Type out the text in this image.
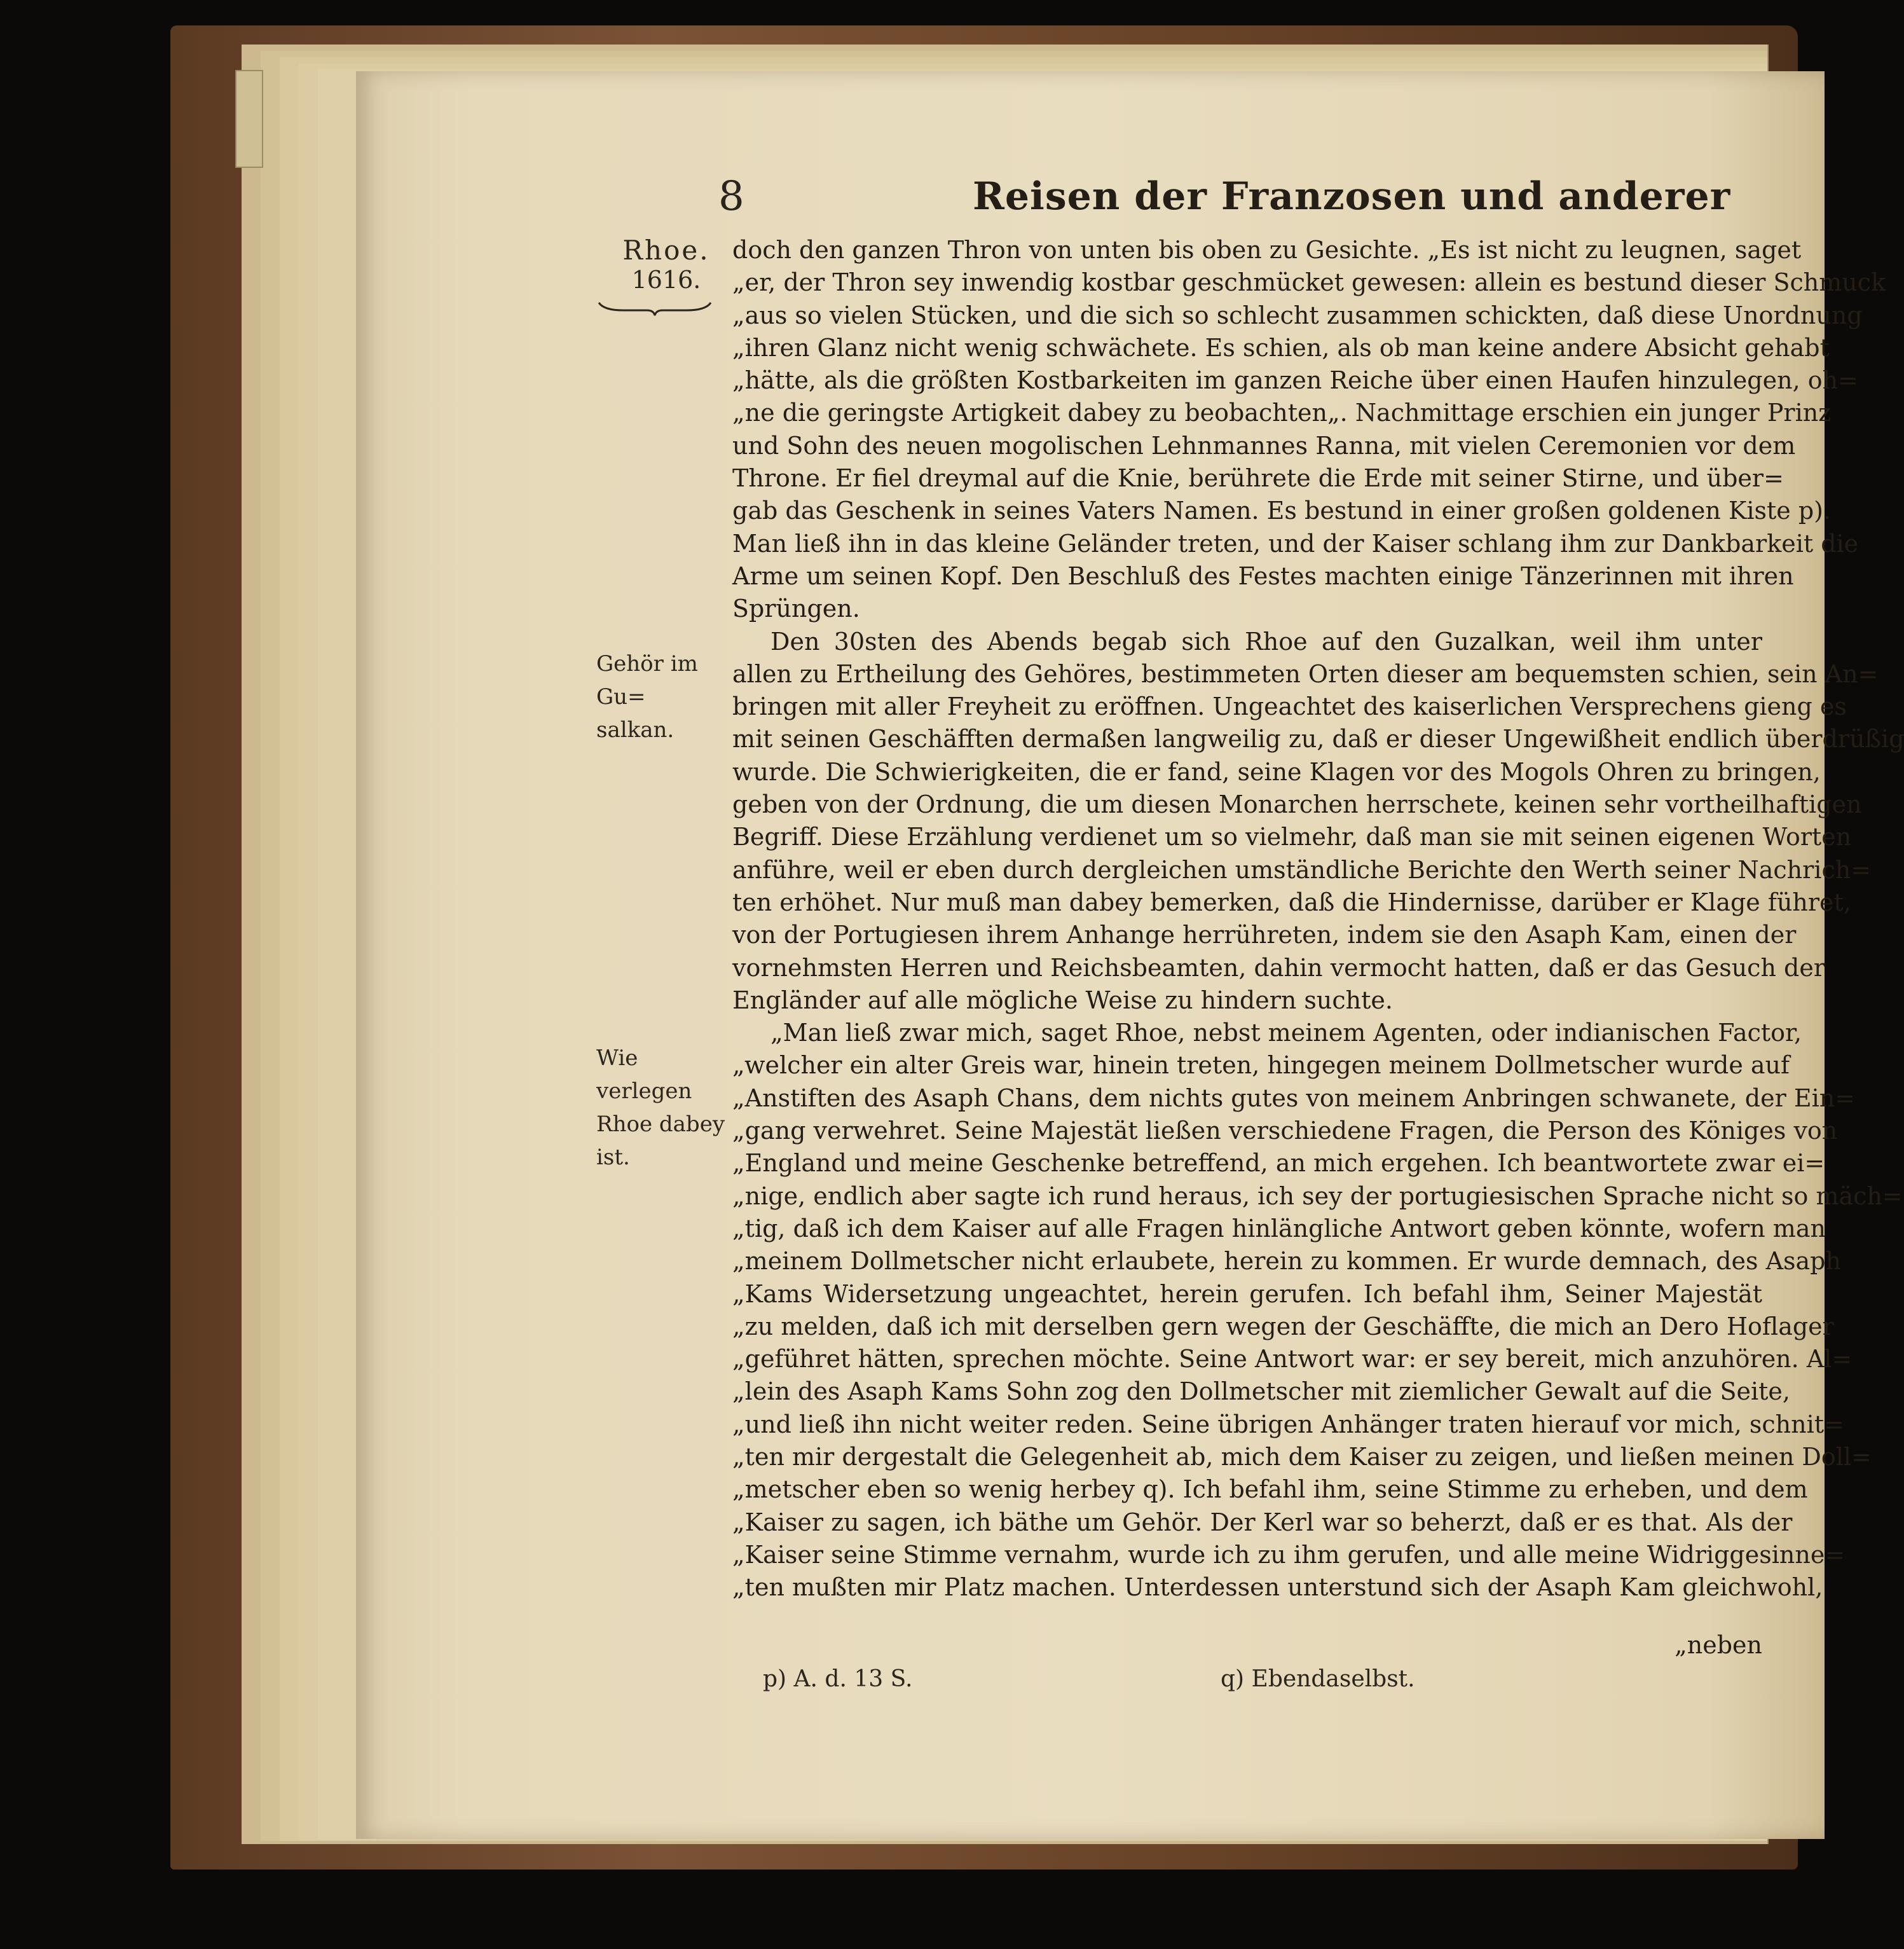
8	Reisen der Franzosen und anderer
Rhoe.
1616.
Gehör im Gu=
salkan.
Wie verlegen
Rhoe dabey
ist.
doch den ganzen Thron von unten bis oben zu Gesichte. „Es ist nicht zu leugnen, saget
„er, der Thron sey inwendig kostbar geschmücket gewesen: allein es bestund dieser Schmuck
„aus so vielen Stücken, und die sich so schlecht zusammen schickten, daß diese Unordnung
„ihren Glanz nicht wenig schwächete. Es schien, als ob man keine andere Absicht gehabt
„hätte, als die größten Kostbarkeiten im ganzen Reiche über einen Haufen hinzulegen, oh=
„ne die geringste Artigkeit dabey zu beobachten„. Nachmittage erschien ein junger Prinz
und Sohn des neuen mogolischen Lehnmannes Ranna, mit vielen Ceremonien vor dem
Throne. Er fiel dreymal auf die Knie, berührete die Erde mit seiner Stirne, und über=
gab das Geschenk in seines Vaters Namen. Es bestund in einer großen goldenen Kiste p).
Man ließ ihn in das kleine Geländer treten, und der Kaiser schlang ihm zur Dankbarkeit die
Arme um seinen Kopf. Den Beschluß des Festes machten einige Tänzerinnen mit ihren
Sprüngen.
Den 30sten des Abends begab sich Rhoe auf den Guzalkan, weil ihm unter
allen zu Ertheilung des Gehöres, bestimmeten Orten dieser am bequemsten schien, sein An=
bringen mit aller Freyheit zu eröffnen. Ungeachtet des kaiserlichen Versprechens gieng es
mit seinen Geschäfften dermaßen langweilig zu, daß er dieser Ungewißheit endlich überdrüßig
wurde. Die Schwierigkeiten, die er fand, seine Klagen vor des Mogols Ohren zu bringen,
geben von der Ordnung, die um diesen Monarchen herrschete, keinen sehr vortheilhaftigen
Begriff. Diese Erzählung verdienet um so vielmehr, daß man sie mit seinen eigenen Worten
anführe, weil er eben durch dergleichen umständliche Berichte den Werth seiner Nachrich=
ten erhöhet. Nur muß man dabey bemerken, daß die Hindernisse, darüber er Klage führet,
von der Portugiesen ihrem Anhange herrühreten, indem sie den Asaph Kam, einen der
vornehmsten Herren und Reichsbeamten, dahin vermocht hatten, daß er das Gesuch der
Engländer auf alle mögliche Weise zu hindern suchte.
„Man ließ zwar mich, saget Rhoe, nebst meinem Agenten, oder indianischen Factor,
„welcher ein alter Greis war, hinein treten, hingegen meinem Dollmetscher wurde auf
„Anstiften des Asaph Chans, dem nichts gutes von meinem Anbringen schwanete, der Ein=
„gang verwehret. Seine Majestät ließen verschiedene Fragen, die Person des Königes von
„England und meine Geschenke betreffend, an mich ergehen. Ich beantwortete zwar ei=
„nige, endlich aber sagte ich rund heraus, ich sey der portugiesischen Sprache nicht so mäch=
„tig, daß ich dem Kaiser auf alle Fragen hinlängliche Antwort geben könnte, wofern man
„meinem Dollmetscher nicht erlaubete, herein zu kommen. Er wurde demnach, des Asaph
„Kams Widersetzung ungeachtet, herein gerufen. Ich befahl ihm, Seiner Majestät
„zu melden, daß ich mit derselben gern wegen der Geschäffte, die mich an Dero Hoflager
„geführet hätten, sprechen möchte. Seine Antwort war: er sey bereit, mich anzuhören. Al=
„lein des Asaph Kams Sohn zog den Dollmetscher mit ziemlicher Gewalt auf die Seite,
„und ließ ihn nicht weiter reden. Seine übrigen Anhänger traten hierauf vor mich, schnit=
„ten mir dergestalt die Gelegenheit ab, mich dem Kaiser zu zeigen, und ließen meinen Doll=
„metscher eben so wenig herbey q). Ich befahl ihm, seine Stimme zu erheben, und dem
„Kaiser zu sagen, ich bäthe um Gehör. Der Kerl war so beherzt, daß er es that. Als der
„Kaiser seine Stimme vernahm, wurde ich zu ihm gerufen, und alle meine Widriggesinne=
„ten mußten mir Platz machen. Unterdessen unterstund sich der Asaph Kam gleichwohl,
„neben
p) A. d. 13 S.	q) Ebendaselbst.
